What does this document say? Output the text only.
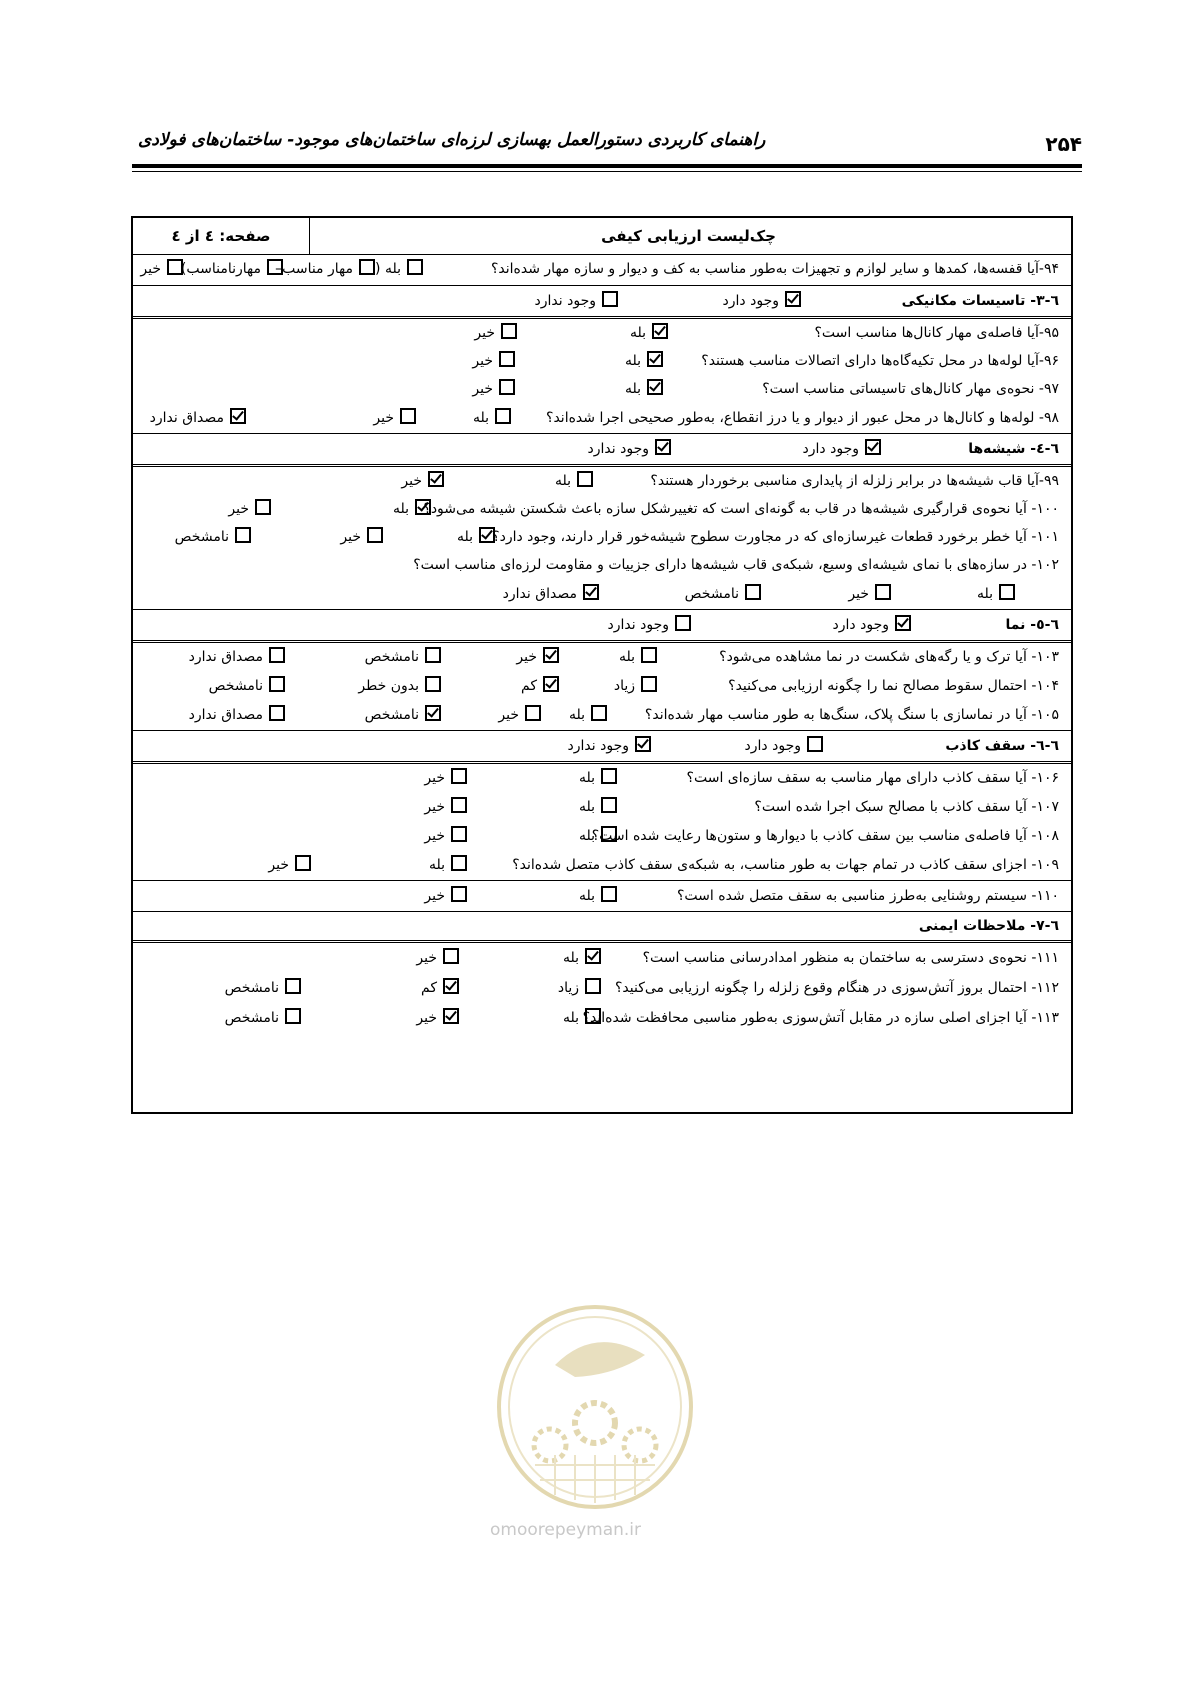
راهنمای کاربردی دستورالعمل بهسازی لرزه‌ای ساختمان‌های موجود- ساختمان‌های فولادی	۲۵۴
چک‌لیست ارزیابی کیفی
صفحه: ٤ از ٤
۹۴-آیا قفسه‌ها، کمدها و سایر لوازم و تجهیزات به‌طور مناسب به کف و دیوار و سازه مهار شده‌اند؟
بله (
مهار مناسب–
مهارنامناسب)
خیر
٦-۳- تاسیسات مکانیکی
وجود دارد
وجود ندارد
۹۵-آیا فاصله‌ی مهار کانال‌ها مناسب است؟
بله
خیر
۹۶-آیا لوله‌ها در محل تکیه‌گاه‌ها دارای اتصالات مناسب هستند؟
بله
خیر
۹۷- نحوه‌ی مهار کانال‌های تاسیساتی مناسب است؟
بله
خیر
۹۸- لوله‌ها و کانال‌ها در محل عبور از دیوار و یا درز انقطاع، به‌طور صحیحی اجرا شده‌اند؟
بله
خیر
مصداق ندارد
٦-٤- شیشه‌ها
وجود دارد
وجود ندارد
۹۹-آیا قاب شیشه‌ها در برابر زلزله از پایداری مناسبی برخوردار هستند؟
بله
خیر
۱۰۰- آیا نحوه‌ی قرارگیری شیشه‌ها در قاب به گونه‌ای است که تغییرشکل سازه باعث شکستن شیشه می‌شود؟
بله
خیر
۱۰۱- آیا خطر برخورد قطعات غیرسازه‌ای که در مجاورت سطوح شیشه‌خور قرار دارند، وجود دارد؟
بله
خیر
نامشخص
۱۰۲- در سازه‌های با نمای شیشه‌ای وسیع، شبکه‌ی قاب شیشه‌ها دارای جزییات و مقاومت لرزه‌ای مناسب است؟
بله
خیر
نامشخص
مصداق ندارد
٦-٥- نما
وجود دارد
وجود ندارد
۱۰۳- آیا ترک و یا رگه‌های شکست در نما مشاهده می‌شود؟
بله
خیر
نامشخص
مصداق ندارد
۱۰۴- احتمال سقوط مصالح نما را چگونه ارزیابی می‌کنید؟
زیاد
کم
بدون خطر
نامشخص
۱۰۵- آیا در نماسازی با سنگ پلاک، سنگ‌ها به طور مناسب مهار شده‌اند؟
بله
خیر
نامشخص
مصداق ندارد
٦-٦- سقف کاذب
وجود دارد
وجود ندارد
۱۰۶- آیا سقف کاذب دارای مهار مناسب به سقف سازه‌ای است؟
بله
خیر
۱۰۷- آیا سقف کاذب با مصالح سبک اجرا شده است؟
بله
خیر
۱۰۸- آیا فاصله‌ی مناسب بین سقف کاذب با دیوارها و ستون‌ها رعایت شده است؟
بله
خیر
۱۰۹- اجزای سقف کاذب در تمام جهات به طور مناسب، به شبکه‌ی سقف کاذب متصل شده‌اند؟
بله
خیر
۱۱۰- سیستم روشنایی به‌طرز مناسبی به سقف متصل شده است؟
بله
خیر
٦-٧- ملاحظات ایمنی
۱۱۱- نحوه‌ی دسترسی به ساختمان به منظور امدادرسانی مناسب است؟
بله
خیر
۱۱۲- احتمال بروز آتش‌سوزی در هنگام وقوع زلزله را چگونه ارزیابی می‌کنید؟
زیاد
کم
نامشخص
۱۱۳- آیا اجزای اصلی سازه در مقابل آتش‌سوزی به‌طور مناسبی محافظت شده‌اند؟
بله
خیر
نامشخص
omoorepeyman.ir
